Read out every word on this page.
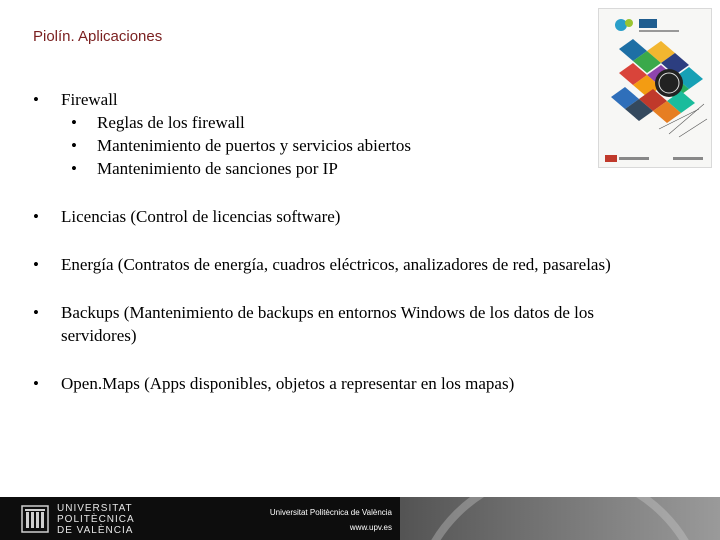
Piolín. Aplicaciones
• Firewall
• Reglas de los firewall
• Mantenimiento de puertos y servicios abiertos
• Mantenimiento de sanciones por IP
• Licencias (Control de licencias software)
• Energía (Contratos de energía, cuadros eléctricos, analizadores de red, pasarelas)
• Backups (Mantenimiento de backups en entornos Windows de los datos de los servidores)
• Open.Maps (Apps disponibles, objetos a representar en los mapas)
UNIVERSITAT
POLITÈCNICA
DE VALÈNCIA
Universitat Politècnica de València
www.upv.es
